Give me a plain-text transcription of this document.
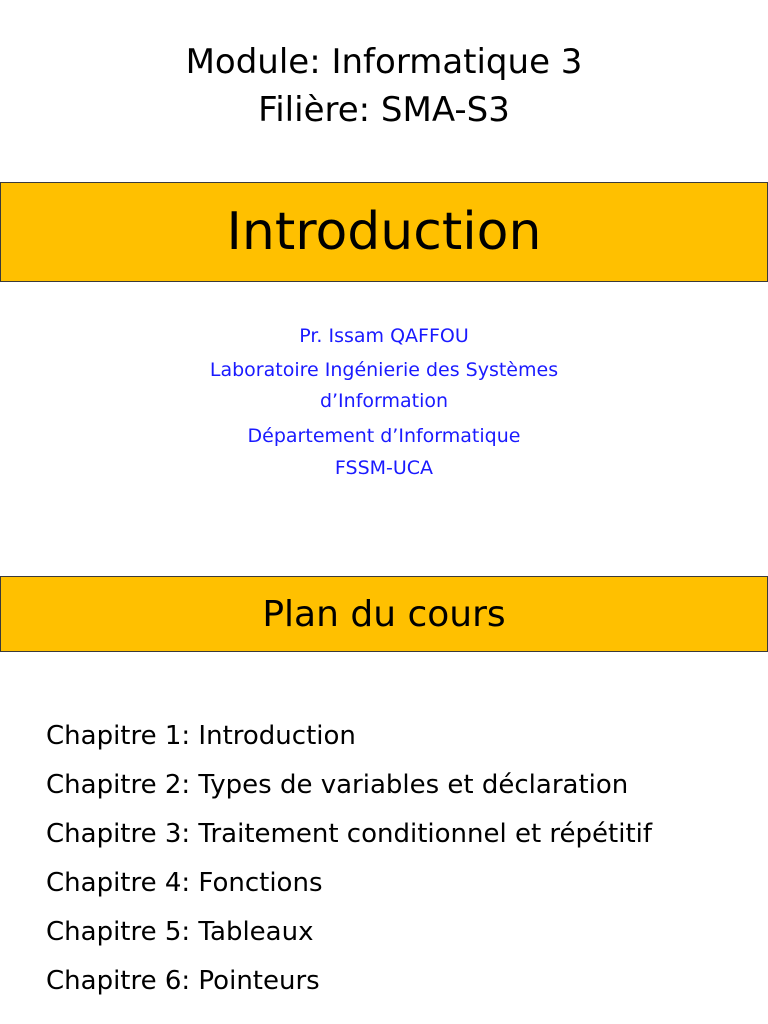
Module: Informatique 3
Filière: SMA-S3
Introduction
Pr. Issam QAFFOU
Laboratoire Ingénierie des Systèmes
d’Information
Département d’Informatique
FSSM-UCA
Plan du cours
Chapitre 1: Introduction
Chapitre 2: Types de variables et déclaration
Chapitre 3: Traitement conditionnel et répétitif
Chapitre 4: Fonctions
Chapitre 5: Tableaux
Chapitre 6: Pointeurs
